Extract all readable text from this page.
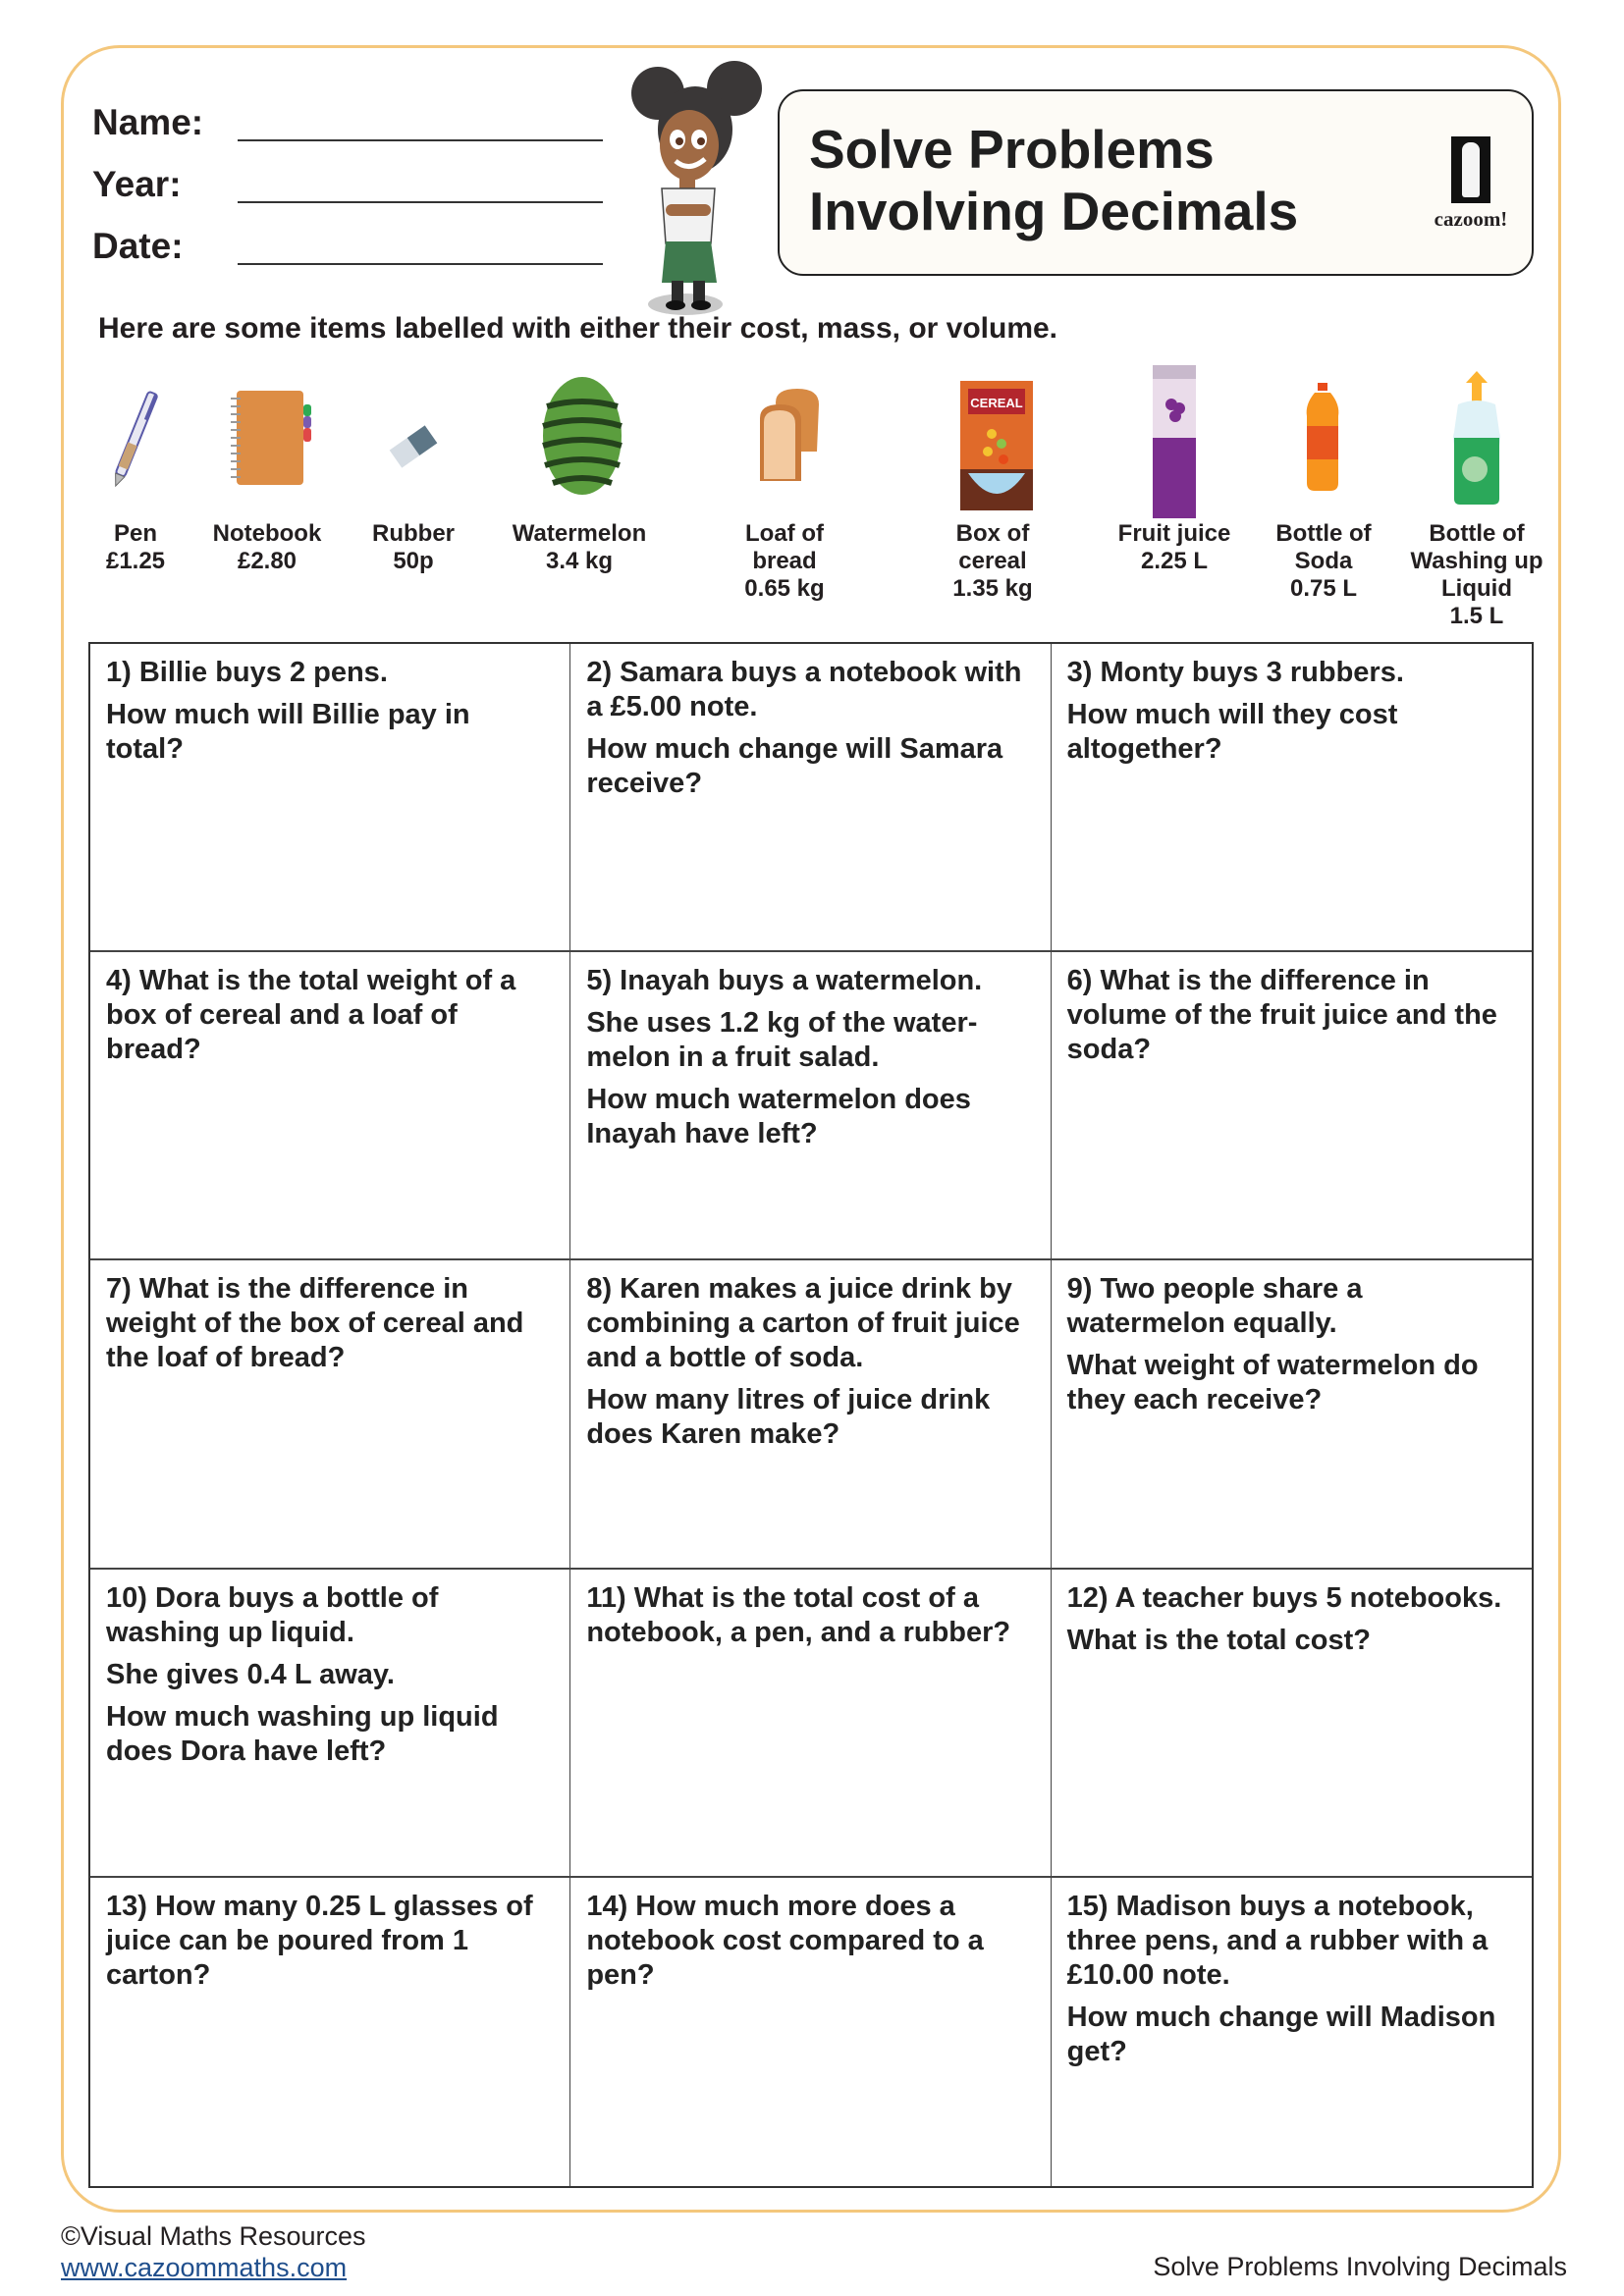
Name:
Year:
Date:
Solve Problems
Involving Decimals	cazoom!
Here are some items labelled with either their cost, mass, or volume.
Pen
£1.25
Notebook
£2.80
Rubber
50p
Watermelon
3.4 kg
Loaf of bread
0.65 kg
CEREAL
Box of cereal
1.35 kg
Fruit juice
2.25 L
Bottle of Soda
0.75 L
Bottle of Washing up Liquid
1.5 L

1) Billie buys 2 pens.

How much will Billie pay in total?

2) Samara buys a notebook with a £5.00 note.

How much change will Samara receive?

3) Monty buys 3 rubbers.

How much will they cost altogether?

4) What is the total weight of a box of cereal and a loaf of bread?

5) Inayah buys a watermelon.

She uses 1.2 kg of the water-melon in a fruit salad.

How much watermelon does Inayah have left?

6) What is the difference in volume of the fruit juice and the soda?

7) What is the difference in weight of the box of cereal and the loaf of bread?

8) Karen makes a juice drink by combining a carton of fruit juice and a bottle of soda.

How many litres of juice drink does Karen make?

9) Two people share a watermelon equally.

What weight of watermelon do they each receive?

10) Dora buys a bottle of washing up liquid.

She gives 0.4 L away.

How much washing up liquid does Dora have left?

11) What is the total cost of a notebook, a pen, and a rubber?

12) A teacher buys 5 notebooks.

What is the total cost?

13) How many 0.25 L glasses of juice can be poured from 1 carton?

14) How much more does a notebook cost compared to a pen?

15) Madison buys a notebook, three pens, and a rubber with a £10.00 note.

How much change will Madison get?

©Visual Maths Resources
www.cazoommaths.com	Solve Problems Involving Decimals
